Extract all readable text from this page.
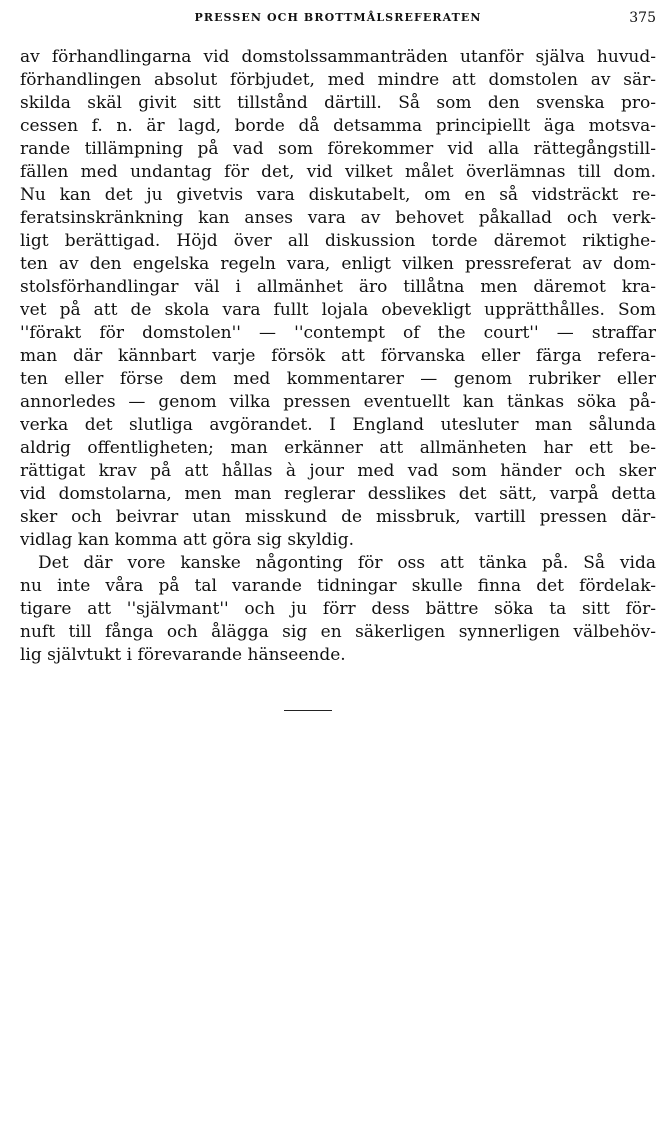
PRESSEN OCH BROTTMÅLSREFERATEN	375
av förhandlingarna vid domstolssammanträden utanför själva huvud-
förhandlingen absolut förbjudet, med mindre att domstolen av sär-
skilda skäl givit sitt tillstånd därtill. Så som den svenska pro-
cessen f. n. är lagd, borde då detsamma principiellt äga motsva-
rande tillämpning på vad som förekommer vid alla rättegångstill-
fällen med undantag för det, vid vilket målet överlämnas till dom.
Nu kan det ju givetvis vara diskutabelt, om en så vidsträckt re-
feratsinskränkning kan anses vara av behovet påkallad och verk-
ligt berättigad. Höjd över all diskussion torde däremot riktighe-
ten av den engelska regeln vara, enligt vilken pressreferat av dom-
stolsförhandlingar väl i allmänhet äro tillåtna men däremot kra-
vet på att de skola vara fullt lojala obevekligt upprätthålles. Som
''förakt för domstolen'' — ''contempt of the court'' — straffar
man där kännbart varje försök att förvanska eller färga refera-
ten eller förse dem med kommentarer — genom rubriker eller
annorledes — genom vilka pressen eventuellt kan tänkas söka på-
verka det slutliga avgörandet. I England utesluter man sålunda
aldrig offentligheten; man erkänner att allmänheten har ett be-
rättigat krav på att hållas à jour med vad som händer och sker
vid domstolarna, men man reglerar desslikes det sätt, varpå detta
sker och beivrar utan misskund de missbruk, vartill pressen där-
vidlag kan komma att göra sig skyldig.
Det där vore kanske någonting för oss att tänka på. Så vida
nu inte våra på tal varande tidningar skulle finna det fördelak-
tigare att ''självmant'' och ju förr dess bättre söka ta sitt för-
nuft till fånga och ålägga sig en säkerligen synnerligen välbehöv-
lig självtukt i förevarande hänseende.
